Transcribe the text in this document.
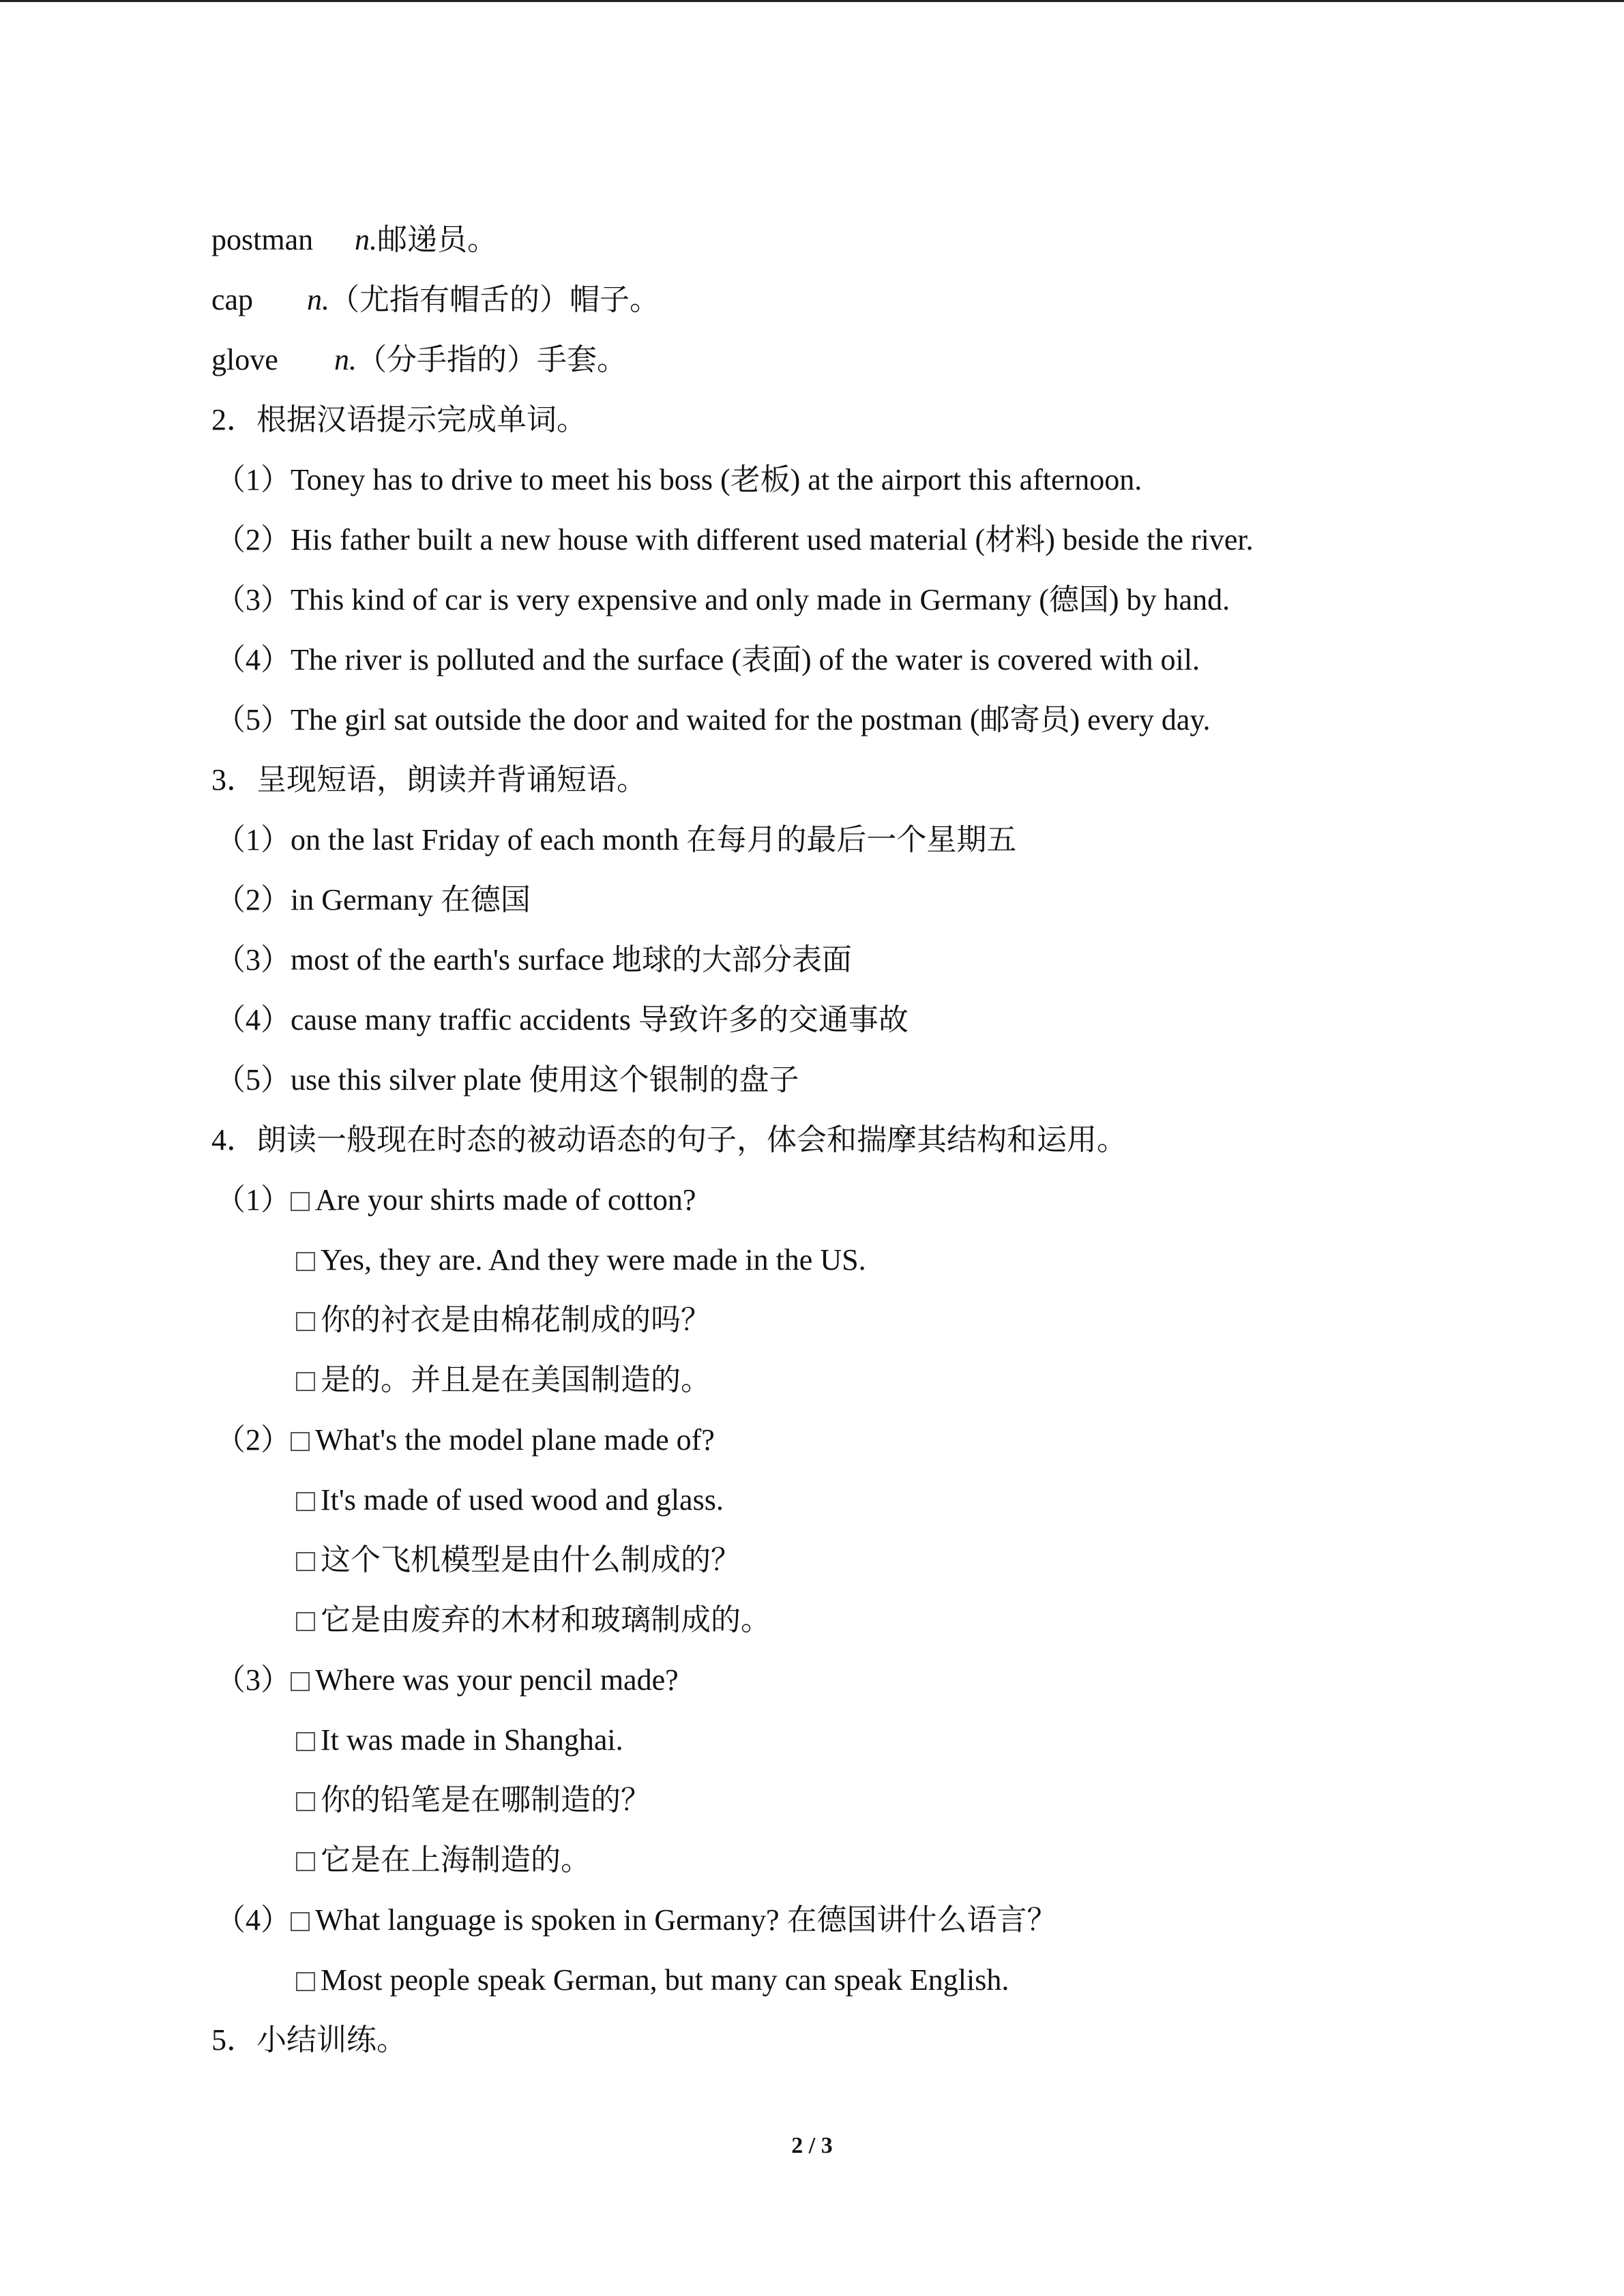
postman n.邮递员。
cap n.（尤指有帽舌的）帽子。
glove n.（分手指的）手套。
2．根据汉语提示完成单词。
（1）Toney has to drive to meet his boss (老板) at the airport this afternoon.
（2）His father built a new house with different used material (材料) beside the river.
（3）This kind of car is very expensive and only made in Germany (德国) by hand.
（4）The river is polluted and the surface (表面) of the water is covered with oil.
（5）The girl sat outside the door and waited for the postman (邮寄员) every day.
3．呈现短语，朗读并背诵短语。
（1）on the last Friday of each month 在每月的最后一个星期五
（2）in Germany 在德国
（3）most of the earth's surface 地球的大部分表面
（4）cause many traffic accidents 导致许多的交通事故
（5）use this silver plate 使用这个银制的盘子
4．朗读一般现在时态的被动语态的句子，体会和揣摩其结构和运用。
（1） Are your shirts made of cotton?
Yes, they are. And they were made in the US.
你的衬衣是由棉花制成的吗？
是的。并且是在美国制造的。
（2） What's the model plane made of?
It's made of used wood and glass.
这个飞机模型是由什么制成的？
它是由废弃的木材和玻璃制成的。
（3） Where was your pencil made?
It was made in Shanghai.
你的铅笔是在哪制造的？
它是在上海制造的。
（4） What language is spoken in Germany? 在德国讲什么语言？
Most people speak German, but many can speak English.
5．小结训练。
2 / 3
